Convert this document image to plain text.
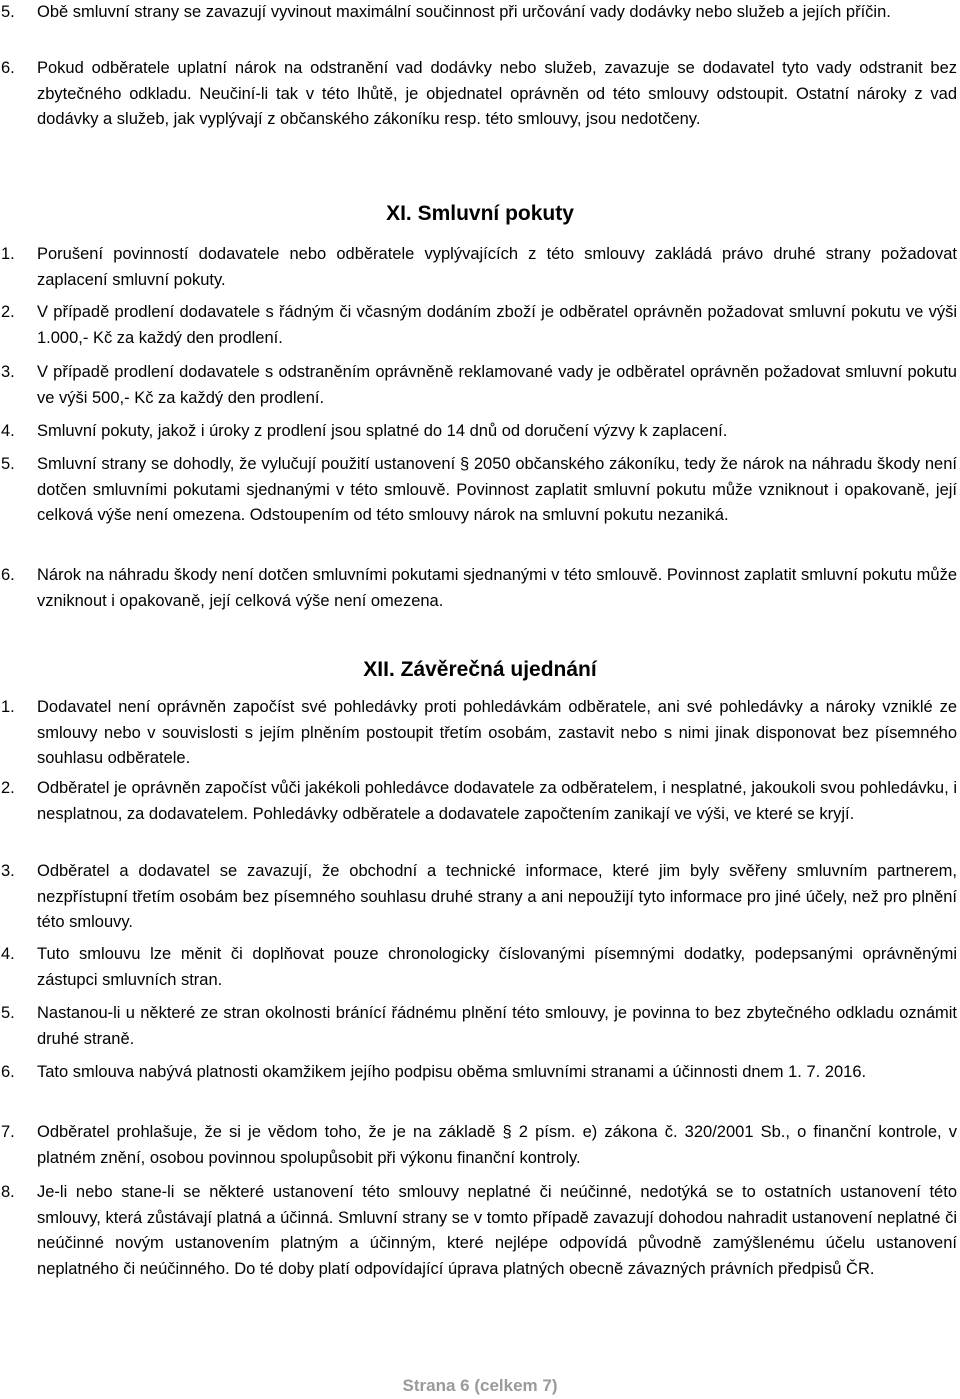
5. Obě smluvní strany se zavazují vyvinout maximální součinnost při určování vady dodávky nebo služeb a jejích příčin.
6. Pokud odběratele uplatní nárok na odstranění vad dodávky nebo služeb, zavazuje se dodavatel tyto vady odstranit bez zbytečného odkladu. Neučiní-li tak v této lhůtě, je objednatel oprávněn od této smlouvy odstoupit. Ostatní nároky z vad dodávky a služeb, jak vyplývají z občanského zákoníku resp. této smlouvy, jsou nedotčeny.
XI. Smluvní pokuty
1. Porušení povinností dodavatele nebo odběratele vyplývajících z této smlouvy zakládá právo druhé strany požadovat zaplacení smluvní pokuty.
2. V případě prodlení dodavatele s řádným či včasným dodáním zboží je odběratel oprávněn požadovat smluvní pokutu ve výši 1.000,- Kč za každý den prodlení.
3. V případě prodlení dodavatele s odstraněním oprávněně reklamované vady je odběratel oprávněn požadovat smluvní pokutu ve výši 500,- Kč za každý den prodlení.
4. Smluvní pokuty, jakož i úroky z prodlení jsou splatné do 14 dnů od doručení výzvy k zaplacení.
5. Smluvní strany se dohodly, že vylučují použití ustanovení § 2050 občanského zákoníku, tedy že nárok na náhradu škody není dotčen smluvními pokutami sjednanými v této smlouvě. Povinnost zaplatit smluvní pokutu může vzniknout i opakovaně, její celková výše není omezena. Odstoupením od této smlouvy nárok na smluvní pokutu nezaniká.
6. Nárok na náhradu škody není dotčen smluvními pokutami sjednanými v této smlouvě. Povinnost zaplatit smluvní pokutu může vzniknout i opakovaně, její celková výše není omezena.
XII. Závěrečná ujednání
1. Dodavatel není oprávněn započíst své pohledávky proti pohledávkám odběratele, ani své pohledávky a nároky vzniklé ze smlouvy nebo v souvislosti s jejím plněním postoupit třetím osobám, zastavit nebo s nimi jinak disponovat bez písemného souhlasu odběratele.
2. Odběratel je oprávněn započíst vůči jakékoli pohledávce dodavatele za odběratelem, i nesplatné, jakoukoli svou pohledávku, i nesplatnou, za dodavatelem. Pohledávky odběratele a dodavatele započtením zanikají ve výši, ve které se kryjí.
3. Odběratel a dodavatel se zavazují, že obchodní a technické informace, které jim byly svěřeny smluvním partnerem, nezpřístupní třetím osobám bez písemného souhlasu druhé strany a ani nepoužijí tyto informace pro jiné účely, než pro plnění této smlouvy.
4. Tuto smlouvu lze měnit či doplňovat pouze chronologicky číslovanými písemnými dodatky, podepsanými oprávněnými zástupci smluvních stran.
5. Nastanou-li u některé ze stran okolnosti bránící řádnému plnění této smlouvy, je povinna to bez zbytečného odkladu oznámit druhé straně.
6. Tato smlouva nabývá platnosti okamžikem jejího podpisu oběma smluvními stranami a účinnosti dnem 1. 7. 2016.
7. Odběratel prohlašuje, že si je vědom toho, že je na základě § 2 písm. e) zákona č. 320/2001 Sb., o finanční kontrole, v platném znění, osobou povinnou spolupůsobit při výkonu finanční kontroly.
8. Je-li nebo stane-li se některé ustanovení této smlouvy neplatné či neúčinné, nedotýká se to ostatních ustanovení této smlouvy, která zůstávají platná a účinná. Smluvní strany se v tomto případě zavazují dohodou nahradit ustanovení neplatné či neúčinné novým ustanovením platným a účinným, které nejlépe odpovídá původně zamýšlenému účelu ustanovení neplatného či neúčinného. Do té doby platí odpovídající úprava platných obecně závazných právních předpisů ČR.
Strana 6 (celkem 7)
